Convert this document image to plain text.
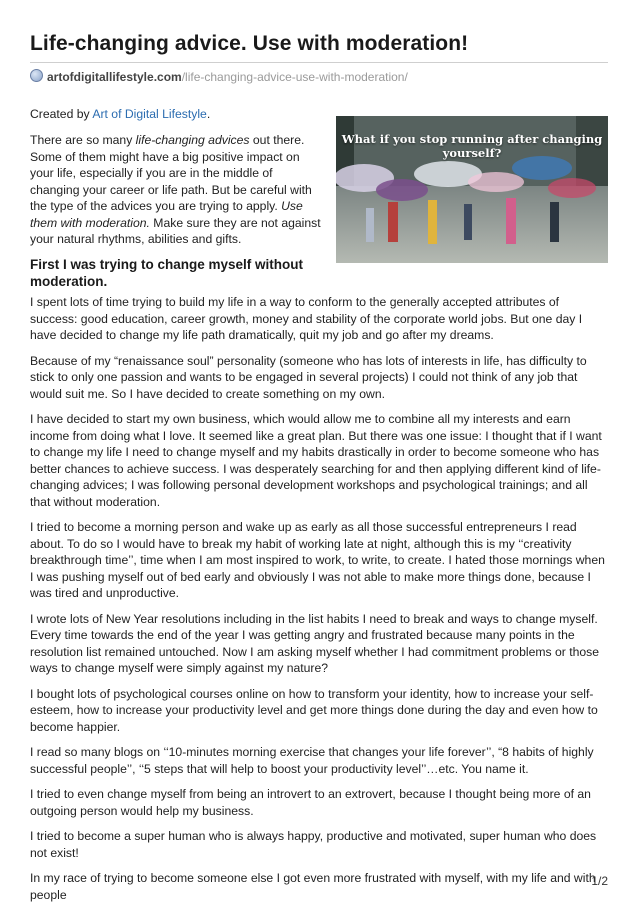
Life-changing advice. Use with moderation!
artofdigitallifestyle.com/life-changing-advice-use-with-moderation/
Created by Art of Digital Lifestyle.
There are so many life-changing advices out there. Some of them might have a big positive impact on your life, especially if you are in the middle of changing your career or life path. But be careful with the type of the advices you are trying to apply. Use them with moderation. Make sure they are not against your natural rhythms, abilities and gifts.
What if you stop running after changing yourself?
First I was trying to change myself without moderation.

I spent lots of time trying to build my life in a way to conform to the generally accepted attributes of success: good education, career growth, money and stability of the corporate world jobs. But one day I have decided to change my life path dramatically, quit my job and go after my dreams.

Because of my “renaissance soul” personality (someone who has lots of interests in life, has difficulty to stick to only one passion and wants to be engaged in several projects) I could not think of any job that would suit me. So I have decided to create something on my own.

I have decided to start my own business, which would allow me to combine all my interests and earn income from doing what I love. It seemed like a great plan. But there was one issue: I thought that if I want to change my life I need to change myself and my habits drastically in order to become someone who has better chances to achieve success. I was desperately searching for and then applying different kind of life-changing advices; I was following personal development workshops and psychological trainings; and all that without moderation.

I tried to become a morning person and wake up as early as all those successful entrepreneurs I read about. To do so I would have to break my habit of working late at night, although this is my ‘‘creativity breakthrough time’’, time when I am most inspired to work, to write, to create. I hated those mornings when I was pushing myself out of bed early and obviously I was not able to make more things done, because I was tired and unproductive.

I wrote lots of New Year resolutions including in the list habits I need to break and ways to change myself. Every time towards the end of the year I was getting angry and frustrated because many points in the resolution list remained untouched. Now I am asking myself whether I had commitment problems or those ways to change myself were simply against my nature?

I bought lots of psychological courses online on how to transform your identity, how to increase your self-esteem, how to increase your productivity level and get more things done during the day and even how to become happier.

I read so many blogs on ‘‘10-minutes morning exercise that changes your life forever’’, “8 habits of highly successful people’’, ‘‘5 steps that will help to boost your productivity level’’…etc. You name it.

I tried to even change myself from being an introvert to an extrovert, because I thought being more of an outgoing person would help my business.

I tried to become a super human who is always happy, productive and motivated, super human who does not exist!

In my race of trying to become someone else I got even more frustrated with myself, with my life and with people

1/2
